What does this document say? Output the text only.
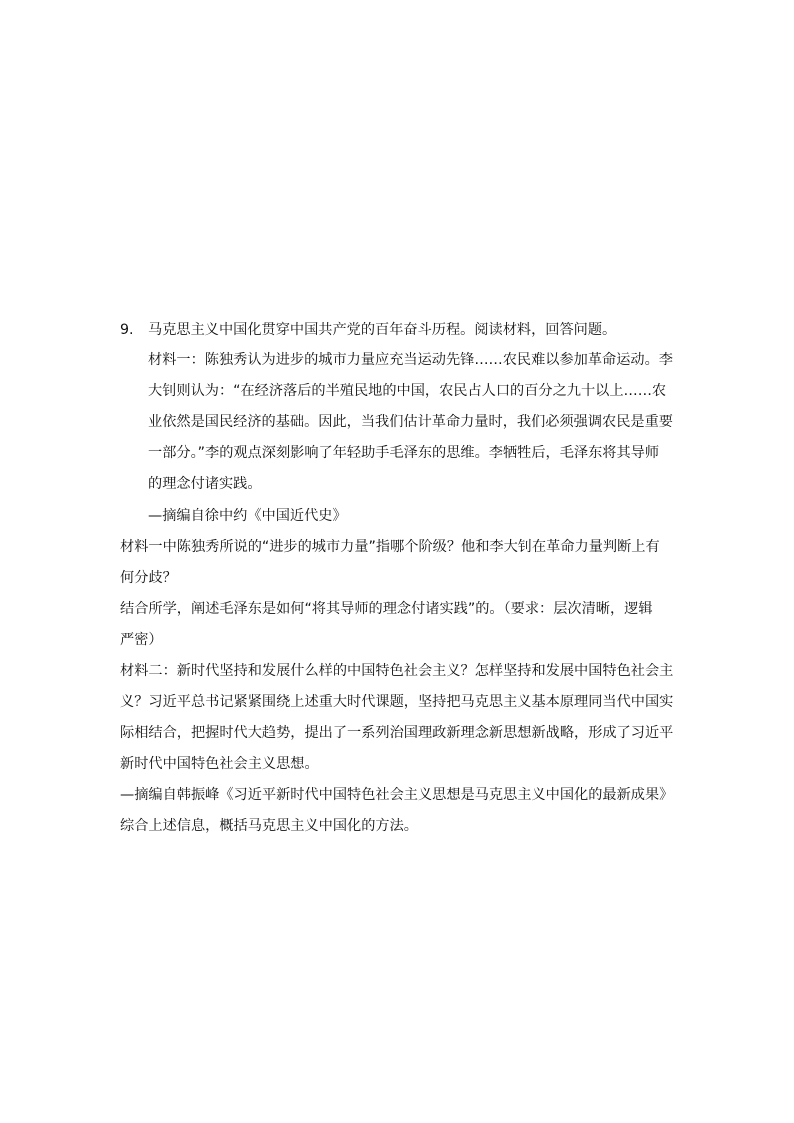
9. 马克思主义中国化贯穿中国共产党的百年奋斗历程。阅读材料，回答问题。
材料一：陈独秀认为进步的城市力量应充当运动先锋……农民难以参加革命运动。李
大钊则认为：“在经济落后的半殖民地的中国，农民占人口的百分之九十以上……农
业依然是国民经济的基础。因此，当我们估计革命力量时，我们必须强调农民是重要
一部分。”李的观点深刻影响了年轻助手毛泽东的思维。李牺牲后，毛泽东将其导师
的理念付诸实践。
—摘编自徐中约《中国近代史》
材料一中陈独秀所说的“进步的城市力量”指哪个阶级？他和李大钊在革命力量判断上有
何分歧？
结合所学，阐述毛泽东是如何“将其导师的理念付诸实践”的。（要求：层次清晰，逻辑
严密）
材料二：新时代坚持和发展什么样的中国特色社会主义？怎样坚持和发展中国特色社会主
义？习近平总书记紧紧围绕上述重大时代课题，坚持把马克思主义基本原理同当代中国实
际相结合，把握时代大趋势，提出了一系列治国理政新理念新思想新战略，形成了习近平
新时代中国特色社会主义思想。
—摘编自韩振峰《习近平新时代中国特色社会主义思想是马克思主义中国化的最新成果》
综合上述信息，概括马克思主义中国化的方法。
